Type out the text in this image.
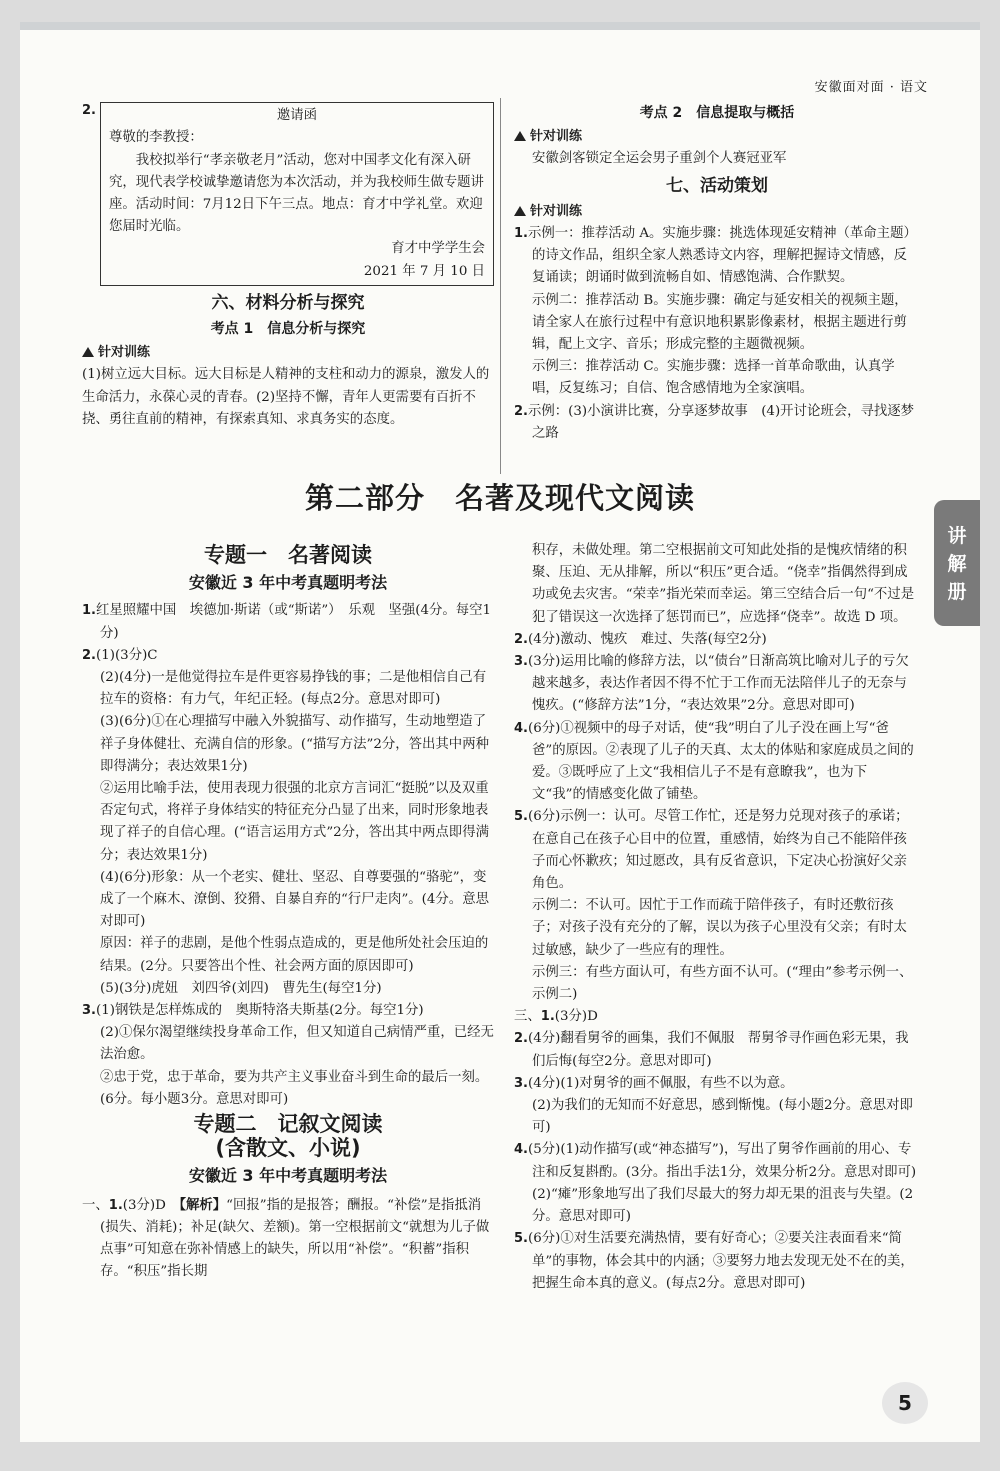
安徽面对面 · 语文

2.	邀请函

尊敬的李教授：

我校拟举行“孝亲敬老月”活动，您对中国孝文化有深入研究，现代表学校诚挚邀请您为本次活动，并为我校师生做专题讲座。活动时间：7月12日下午三点。地点：育才中学礼堂。欢迎您届时光临。

育才中学学生会

2021 年 7 月 10 日

六、材料分析与探究

考点 1　信息分析与探究

针对训练

(1)树立远大目标。远大目标是人精神的支柱和动力的源泉，激发人的生命活力，永葆心灵的青春。(2)坚持不懈，青年人更需要有百折不挠、勇往直前的精神，有探索真知、求真务实的态度。

考点 2　信息提取与概括

针对训练

安徽剑客锁定全运会男子重剑个人赛冠亚军

七、活动策划

针对训练

1.示例一：推荐活动 A。实施步骤：挑选体现延安精神（革命主题）的诗文作品，组织全家人熟悉诗文内容，理解把握诗文情感，反复诵读；朗诵时做到流畅自如、情感饱满、合作默契。

示例二：推荐活动 B。实施步骤：确定与延安相关的视频主题，请全家人在旅行过程中有意识地积累影像素材，根据主题进行剪辑，配上文字、音乐；形成完整的主题微视频。

示例三：推荐活动 C。实施步骤：选择一首革命歌曲，认真学唱，反复练习；自信、饱含感情地为全家演唱。

2.示例：(3)小演讲比赛，分享逐梦故事　(4)开讨论班会，寻找逐梦之路

第二部分　名著及现代文阅读
讲
解
册

专题一　名著阅读

安徽近 3 年中考真题明考法

1.红星照耀中国　埃德加·斯诺（或“斯诺”）　乐观　坚强(4分。每空1分)

2.(1)(3分)C

(2)(4分)一是他觉得拉车是件更容易挣钱的事；二是他相信自己有拉车的资格：有力气，年纪正轻。(每点2分。意思对即可)

(3)(6分)①在心理描写中融入外貌描写、动作描写，生动地塑造了祥子身体健壮、充满自信的形象。(“描写方法”2分，答出其中两种即得满分；表达效果1分)

②运用比喻手法，使用表现力很强的北京方言词汇“挺脱”以及双重否定句式，将祥子身体结实的特征充分凸显了出来，同时形象地表现了祥子的自信心理。(“语言运用方式”2分，答出其中两点即得满分；表达效果1分)

(4)(6分)形象：从一个老实、健壮、坚忍、自尊要强的“骆驼”，变成了一个麻木、潦倒、狡猾、自暴自弃的“行尸走肉”。(4分。意思对即可)

原因：祥子的悲剧，是他个性弱点造成的，更是他所处社会压迫的结果。(2分。只要答出个性、社会两方面的原因即可)

(5)(3分)虎妞　刘四爷(刘四)　曹先生(每空1分)

3.(1)钢铁是怎样炼成的　奥斯特洛夫斯基(2分。每空1分)

(2)①保尔渴望继续投身革命工作，但又知道自己病情严重，已经无法治愈。

②忠于党，忠于革命，要为共产主义事业奋斗到生命的最后一刻。(6分。每小题3分。意思对即可)

专题二　记叙文阅读

(含散文、小说)

安徽近 3 年中考真题明考法

一、1.(3分)D　 【解析】“回报”指的是报答；酬报。“补偿”是指抵消(损失、消耗)；补足(缺欠、差额)。第一空根据前文“就想为儿子做点事”可知意在弥补情感上的缺失，所以用“补偿”。“积蓄”指积存。“积压”指长期

积存，未做处理。第二空根据前文可知此处指的是愧疚情绪的积聚、压迫、无从排解，所以“积压”更合适。“侥幸”指偶然得到成功或免去灾害。“荣幸”指光荣而幸运。第三空结合后一句“不过是犯了错误这一次选择了惩罚而已”，应选择“侥幸”。故选 D 项。

2.(4分)激动、愧疚　难过、失落(每空2分)

3.(3分)运用比喻的修辞方法，以“债台”日渐高筑比喻对儿子的亏欠越来越多，表达作者因不得不忙于工作而无法陪伴儿子的无奈与愧疚。(“修辞方法”1分，“表达效果”2分。意思对即可)

4.(6分)①视频中的母子对话，使“我”明白了儿子没在画上写“爸爸”的原因。②表现了儿子的天真、太太的体贴和家庭成员之间的爱。③既呼应了上文“我相信儿子不是有意瞭我”，也为下文“我”的情感变化做了铺垫。

5.(6分)示例一：认可。尽管工作忙，还是努力兑现对孩子的承诺；在意自己在孩子心目中的位置，重感情，始终为自己不能陪伴孩子而心怀歉疚；知过愿改，具有反省意识，下定决心扮演好父亲角色。

示例二：不认可。因忙于工作而疏于陪伴孩子，有时还敷衍孩子；对孩子没有充分的了解，误以为孩子心里没有父亲；有时太过敏感，缺少了一些应有的理性。

示例三：有些方面认可，有些方面不认可。(“理由”参考示例一、示例二)

三、1.(3分)D

2.(4分)翻看舅爷的画集，我们不佩服　帮舅爷寻作画色彩无果，我们后悔(每空2分。意思对即可)

3.(4分)(1)对舅爷的画不佩服，有些不以为意。

(2)为我们的无知而不好意思，感到惭愧。(每小题2分。意思对即可)

4.(5分)(1)动作描写(或“神态描写”)，写出了舅爷作画前的用心、专注和反复斟酌。(3分。指出手法1分，效果分析2分。意思对即可)

(2)“瘫”形象地写出了我们尽最大的努力却无果的沮丧与失望。(2分。意思对即可)

5.(6分)①对生活要充满热情，要有好奇心；②要关注表面看来“简单”的事物，体会其中的内涵；③要努力地去发现无处不在的美，把握生命本真的意义。(每点2分。意思对即可)

5
